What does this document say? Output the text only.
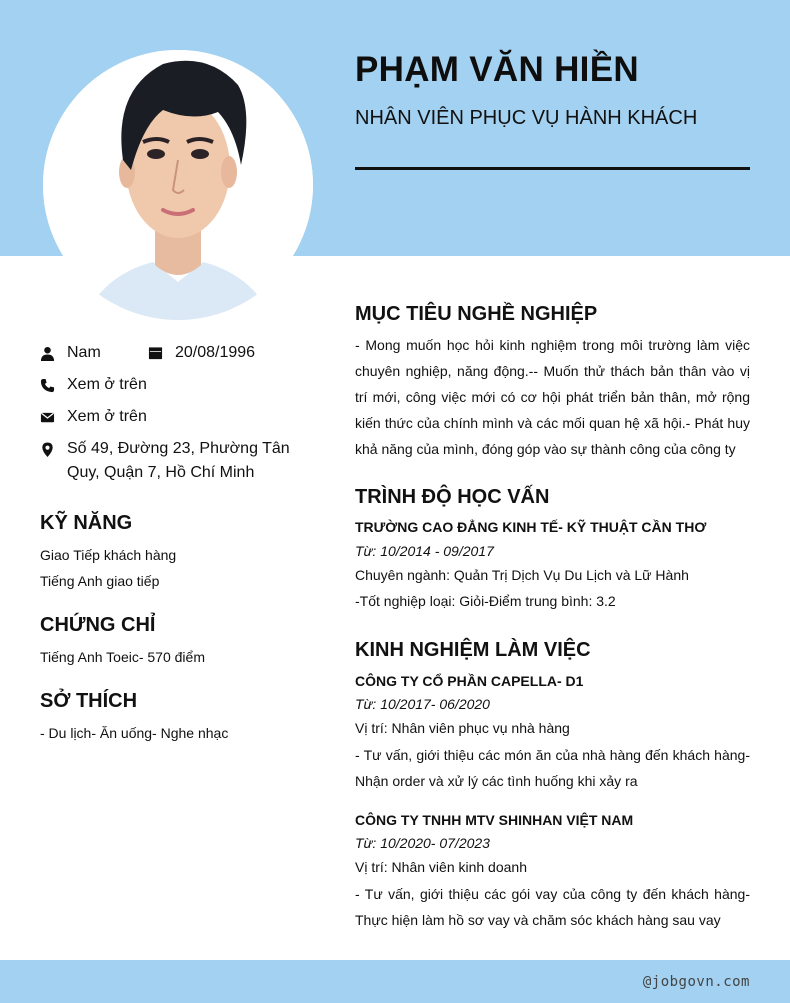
PHẠM VĂN HIỀN
NHÂN VIÊN PHỤC VỤ HÀNH KHÁCH
Nam	20/08/1996
Xem ở trên
Xem ở trên
Số 49, Đường 23, Phường Tân Quy, Quận 7, Hồ Chí Minh
KỸ NĂNG
Giao Tiếp khách hàng
Tiếng Anh giao tiếp
CHỨNG CHỈ
Tiếng Anh Toeic- 570 điểm
SỞ THÍCH
- Du lịch- Ăn uống- Nghe nhạc
MỤC TIÊU NGHỀ NGHIỆP
- Mong muốn học hỏi kinh nghiệm trong môi trường làm việc chuyên nghiệp, năng động.-- Muốn thử thách bản thân vào vị trí mới, công việc mới có cơ hội phát triển bản thân, mở rộng kiến thức của chính mình và các mối quan hệ xã hội.- Phát huy khả năng của mình, đóng góp vào sự thành công của công ty
TRÌNH ĐỘ HỌC VẤN
TRƯỜNG CAO ĐẲNG KINH TẾ- KỸ THUẬT CẦN THƠ
Từ: 10/2014 - 09/2017
Chuyên ngành: Quản Trị Dịch Vụ Du Lịch và Lữ Hành
-Tốt nghiệp loại: Giỏi-Điểm trung bình: 3.2
KINH NGHIỆM LÀM VIỆC
CÔNG TY CỔ PHẦN CAPELLA- D1
Từ: 10/2017- 06/2020
Vị trí: Nhân viên phục vụ nhà hàng
- Tư vấn, giới thiệu các món ăn của nhà hàng đến khách hàng- Nhận order và xử lý các tình huống khi xảy ra
CÔNG TY TNHH MTV SHINHAN VIỆT NAM
Từ: 10/2020- 07/2023
Vị trí: Nhân viên kinh doanh
- Tư vấn, giới thiệu các gói vay của công ty đến khách hàng- Thực hiện làm hồ sơ vay và chăm sóc khách hàng sau vay
@jobgovn.com
